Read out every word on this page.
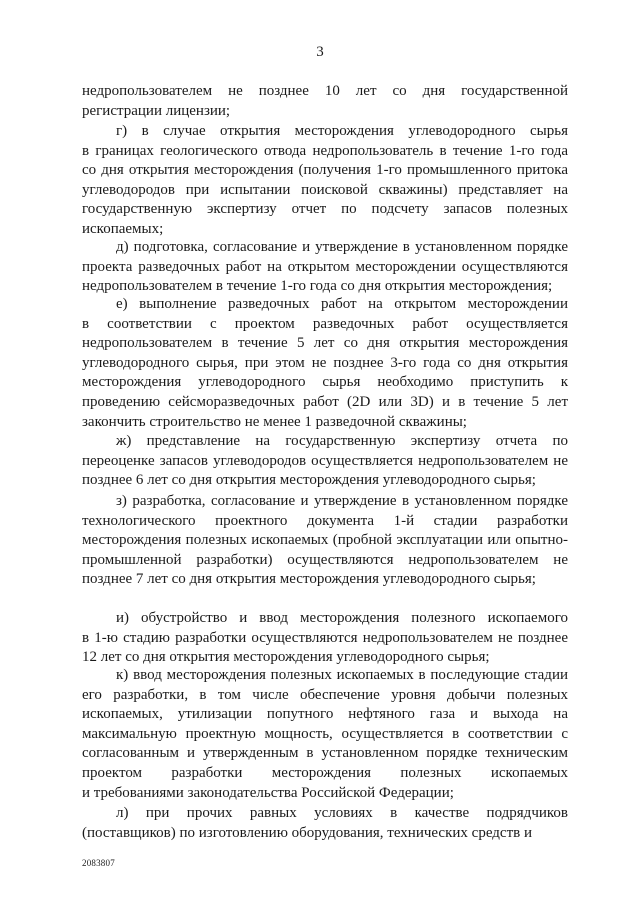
3
недропользователем не позднее 10 лет со дня государственной
регистрации лицензии;
г) в случае открытия месторождения углеводородного сырья
в границах геологического отвода недропользователь в течение 1-го года
со дня открытия месторождения (получения 1-го промышленного притока
углеводородов при испытании поисковой скважины) представляет на
государственную экспертизу отчет по подсчету запасов полезных
ископаемых;
д) подготовка, согласование и утверждение в установленном порядке
проекта разведочных работ на открытом месторождении осуществляются
недропользователем в течение 1-го года со дня открытия месторождения;
е) выполнение разведочных работ на открытом месторождении
в соответствии с проектом разведочных работ осуществляется
недропользователем в течение 5 лет со дня открытия месторождения
углеводородного сырья, при этом не позднее 3-го года со дня открытия
месторождения углеводородного сырья необходимо приступить к
проведению сейсморазведочных работ (2D или 3D) и в течение 5 лет
закончить строительство не менее 1 разведочной скважины;
ж) представление на государственную экспертизу отчета по
переоценке запасов углеводородов осуществляется недропользователем не
позднее 6 лет со дня открытия месторождения углеводородного сырья;
з) разработка, согласование и утверждение в установленном порядке
технологического проектного документа 1-й стадии разработки
месторождения полезных ископаемых (пробной эксплуатации или опытно-
промышленной разработки) осуществляются недропользователем не
позднее 7 лет со дня открытия месторождения углеводородного сырья;
и) обустройство и ввод месторождения полезного ископаемого
в 1-ю стадию разработки осуществляются недропользователем не позднее
12 лет со дня открытия месторождения углеводородного сырья;
к) ввод месторождения полезных ископаемых в последующие стадии
его разработки, в том числе обеспечение уровня добычи полезных
ископаемых, утилизации попутного нефтяного газа и выхода на
максимальную проектную мощность, осуществляется в соответствии с
согласованным и утвержденным в установленном порядке техническим
проектом разработки месторождения полезных ископаемых
и требованиями законодательства Российской Федерации;
л) при прочих равных условиях в качестве подрядчиков
(поставщиков) по изготовлению оборудования, технических средств и
2083807
